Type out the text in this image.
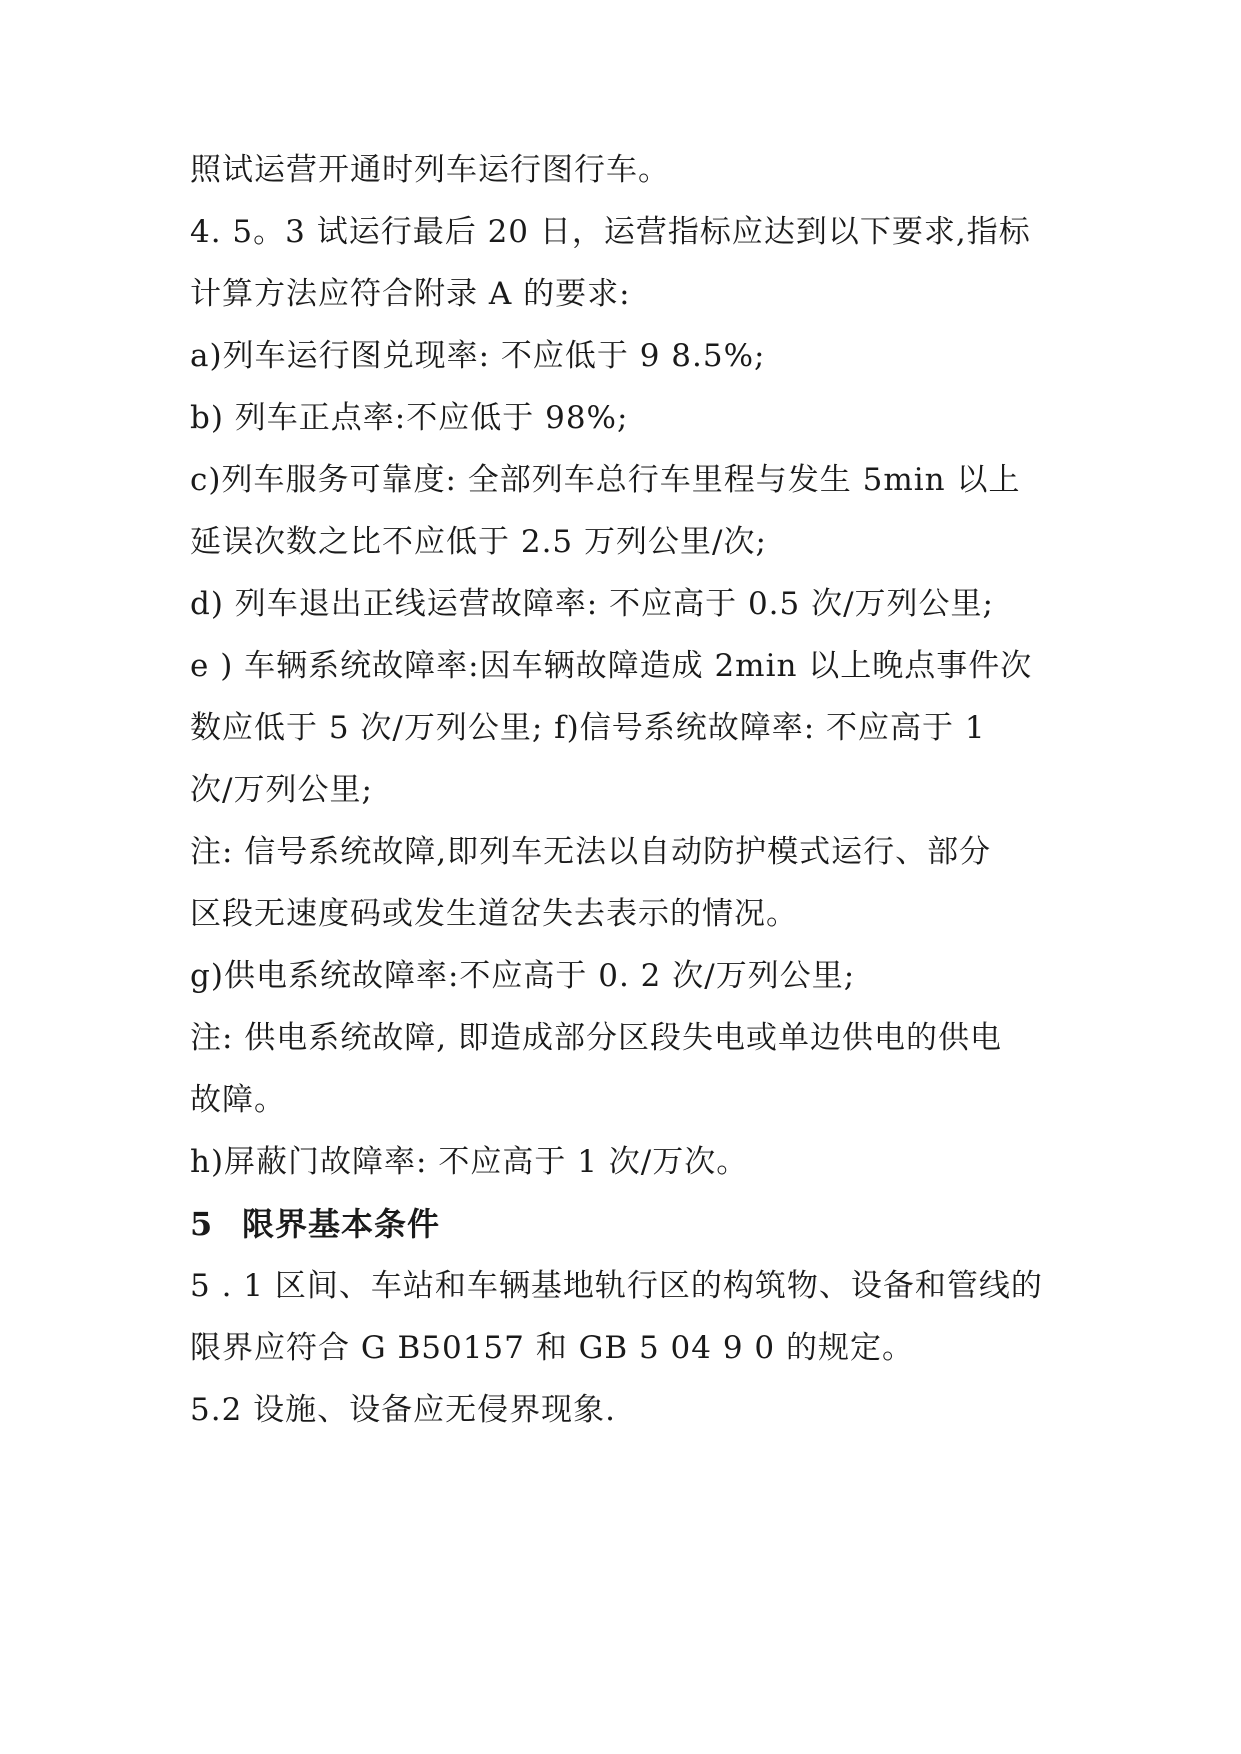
照试运营开通时列车运行图行车。
4. 5。3 试运行最后 20 日，运营指标应达到以下要求,指标
计算方法应符合附录 A 的要求:
a)列车运行图兑现率: 不应低于 9 8.5%;
b) 列车正点率:不应低于 98%;
c)列车服务可靠度: 全部列车总行车里程与发生 5min 以上
延误次数之比不应低于 2.5 万列公里/次;
d) 列车退出正线运营故障率: 不应高于 0.5 次/万列公里;
e ) 车辆系统故障率:因车辆故障造成 2min 以上晚点事件次
数应低于 5 次/万列公里; f)信号系统故障率: 不应高于 1
次/万列公里;
注: 信号系统故障,即列车无法以自动防护模式运行、部分
区段无速度码或发生道岔失去表示的情况。
g)供电系统故障率:不应高于 0. 2 次/万列公里;
注: 供电系统故障, 即造成部分区段失电或单边供电的供电
故障。
h)屏蔽门故障率: 不应高于 1 次/万次。
5 限界基本条件
5 . 1 区间、车站和车辆基地轨行区的构筑物、设备和管线的
限界应符合 G B50157 和 GB 5 04 9 0 的规定。
5.2 设施、设备应无侵界现象.
